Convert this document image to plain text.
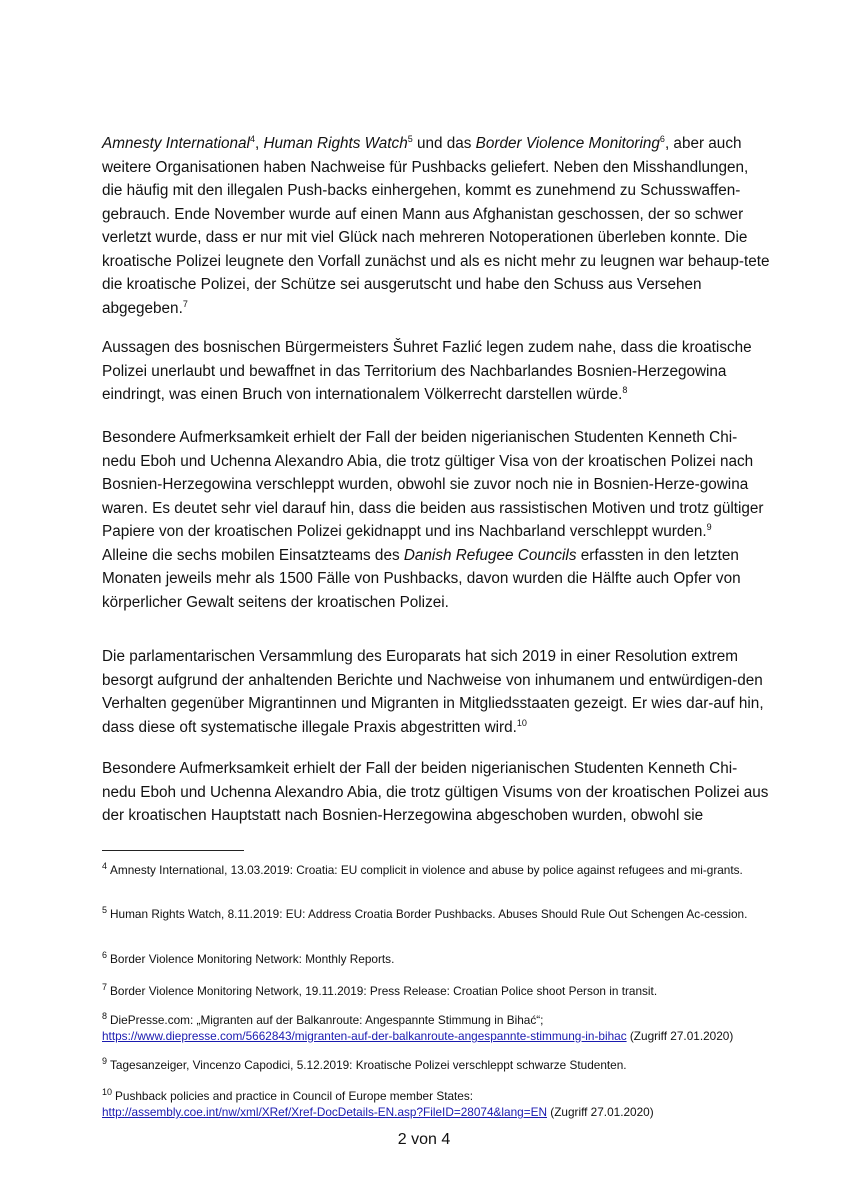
Amnesty International$^4$, Human Rights Watch$^5$ und das Border Violence Monitoring$^6$, aber auch weitere Organisationen haben Nachweise für Pushbacks geliefert. Neben den Misshandlungen, die häufig mit den illegalen Push-backs einhergehen, kommt es zunehmend zu Schusswaffen-gebrauch. Ende November wurde auf einen Mann aus Afghanistan geschossen, der so schwer verletzt wurde, dass er nur mit viel Glück nach mehreren Notoperationen überleben konnte. Die kroatische Polizei leugnete den Vorfall zunächst und als es nicht mehr zu leugnen war behaup-tete die kroatische Polizei, der Schütze sei ausgerutscht und habe den Schuss aus Versehen abgegeben.$^7$

Aussagen des bosnischen Bürgermeisters Šuhret Fazlić legen zudem nahe, dass die kroatische Polizei unerlaubt und bewaffnet in das Territorium des Nachbarlandes Bosnien-Herzegowina eindringt, was einen Bruch von internationalem Völkerrecht darstellen würde.$^8$

Besondere Aufmerksamkeit erhielt der Fall der beiden nigerianischen Studenten Kenneth Chi-nedu Eboh und Uchenna Alexandro Abia, die trotz gültiger Visa von der kroatischen Polizei nach Bosnien-Herzegowina verschleppt wurden, obwohl sie zuvor noch nie in Bosnien-Herze-gowina waren. Es deutet sehr viel darauf hin, dass die beiden aus rassistischen Motiven und trotz gültiger Papiere von der kroatischen Polizei gekidnappt und ins Nachbarland verschleppt wurden.$^9$

Alleine die sechs mobilen Einsatzteams des Danish Refugee Councils erfassten in den letzten Monaten jeweils mehr als 1500 Fälle von Pushbacks, davon wurden die Hälfte auch Opfer von körperlicher Gewalt seitens der kroatischen Polizei.

Die parlamentarischen Versammlung des Europarats hat sich 2019 in einer Resolution extrem besorgt aufgrund der anhaltenden Berichte und Nachweise von inhumanem und entwürdigen-den Verhalten gegenüber Migrantinnen und Migranten in Mitgliedsstaaten gezeigt. Er wies dar-auf hin, dass diese oft systematische illegale Praxis abgestritten wird.$^{10}$

Besondere Aufmerksamkeit erhielt der Fall der beiden nigerianischen Studenten Kenneth Chi-nedu Eboh und Uchenna Alexandro Abia, die trotz gültigen Visums von der kroatischen Polizei aus der kroatischen Hauptstatt nach Bosnien-Herzegowina abgeschoben wurden, obwohl sie

$^4$ Amnesty International, 13.03.2019: Croatia: EU complicit in violence and abuse by police against refugees and mi-grants.
$^5$ Human Rights Watch, 8.11.2019: EU: Address Croatia Border Pushbacks. Abuses Should Rule Out Schengen Ac-cession.
$^6$ Border Violence Monitoring Network: Monthly Reports.
$^7$ Border Violence Monitoring Network, 19.11.2019: Press Release: Croatian Police shoot Person in transit.
$^8$ DiePresse.com: „Migranten auf der Balkanroute: Angespannte Stimmung in Bihać“; https://www.diepresse.com/5662843/migranten-auf-der-balkanroute-angespannte-stimmung-in-bihac (Zugriff 27.01.2020)
$^9$ Tagesanzeiger, Vincenzo Capodici, 5.12.2019: Kroatische Polizei verschleppt schwarze Studenten.
$^{10}$ Pushback policies and practice in Council of Europe member States:
http://assembly.coe.int/nw/xml/XRef/Xref-DocDetails-EN.asp?FileID=28074&lang=EN (Zugriff 27.01.2020)
2 von 4
